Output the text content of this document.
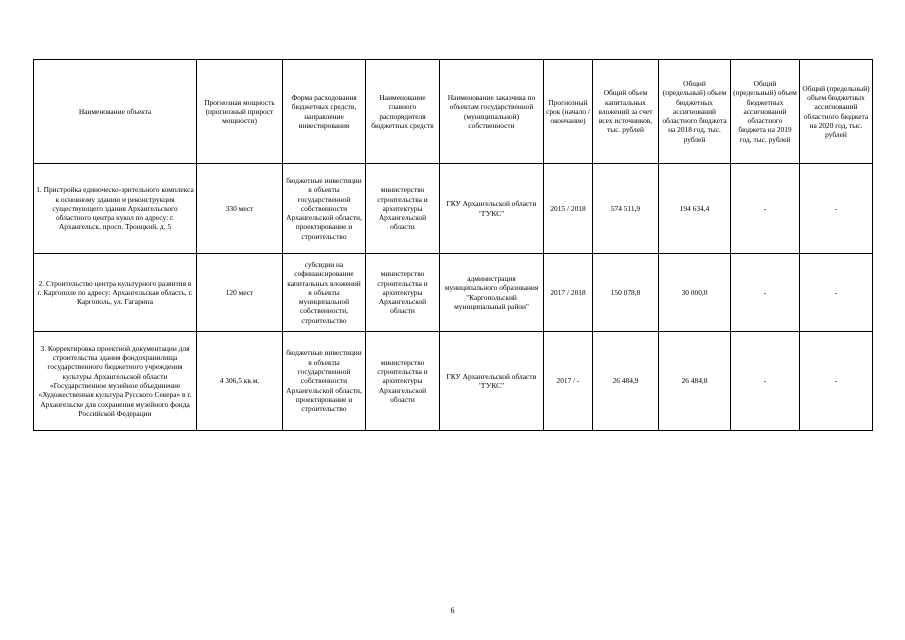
Наименование объекта	Прогнозная мощность (прогнозный прирост мощности)	Форма расходования бюджетных средств, направление инвестирования	Наименование главного распорядителя бюджетных средств	Наименование заказчика по объектам государственной (муниципальной) собственности	Прогнозный срок (начало / окончание)	Общий объем капитальных вложений за счет всех источников, тыс. рублей	Общий (предельный) объем бюджетных ассигнований областного бюджета на 2018 год, тыс. рублей	Общий (предельный) объем бюджетных ассигнований областного бюджета на 2019 год, тыс. рублей	Общий (предельный) объем бюджетных ассигнований областного бюджета на 2020 год, тыс. рублей
1. Пристройка единочеcко-зрительного комплекса к основному зданию и реконструкция существующего здания Архангельского областного центра кукол по адресу: г. Архангельск, просп. Троицкий, д. 5	330 мест	бюджетные инвестиции в объекты государственной собственности Архангельской области, проектирование и строительство	министерство строительства и архитектуры Архангельской области	ГКУ Архангельской области "ГУКС"	2015 / 2018	574 511,9	194 634,4	-	-
2. Строительство центра культурного развития в г. Каргополе по адресу: Архангельская область, г. Каргополь, ул. Гагарина	120 мест	субсидии на софинансирование капитальных вложений в объекты муниципальной собственности, строительство	министерство строительства и архитектуры Архангельской области	администрация муниципального образования "Каргопольский муниципальный район"	2017 / 2018	150 078,8	30 000,0	-	-
3. Корректировка проектной документации для строительства здания фондохранилища государственного бюджетного учреждения культуры Архангельской области «Государственное музейное объединение «Художественная культура Русского Севера» в г. Архангельске для сохранения музейного фонда Российской Федерации	4 306,5 кв.м.	бюджетные инвестиции в объекты государственной собственности Архангельской области, проектирование и строительство	министерство строительства и архитектуры Архангельской области	ГКУ Архангельской области "ГУКС"	2017 / -	26 484,9	26 484,8	-	-
6
